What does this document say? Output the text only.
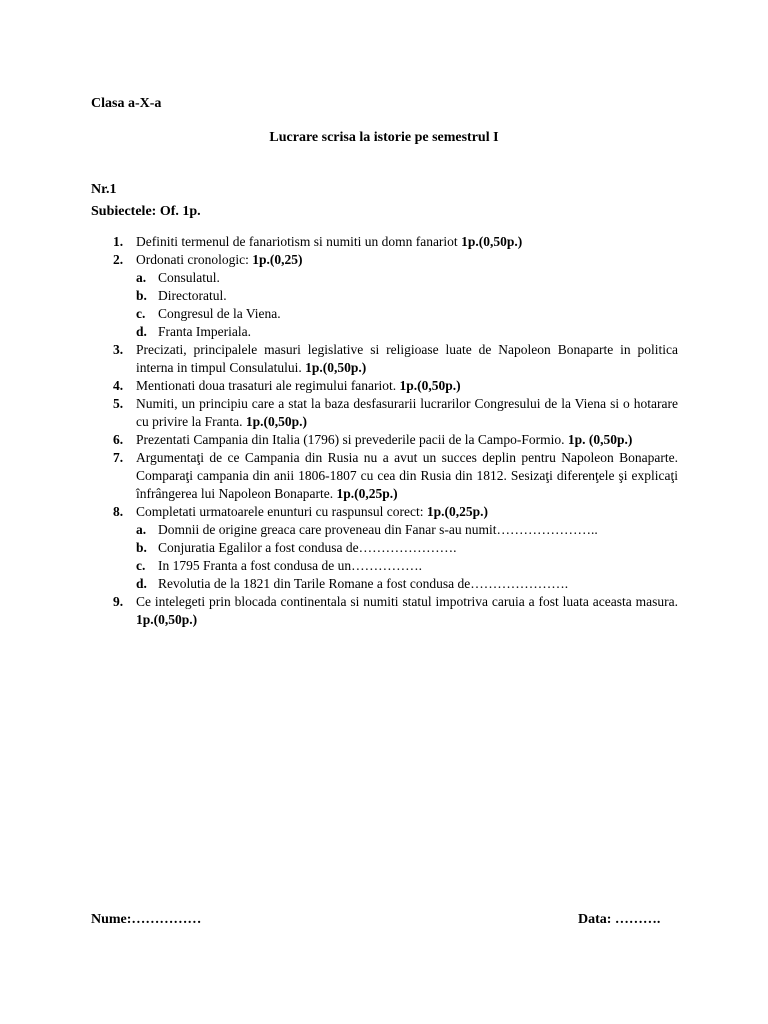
Clasa a-X-a
Lucrare scrisa la istorie pe semestrul I
Nr.1
Subiectele: Of. 1p.
1. Definiti termenul de fanariotism si numiti un domn fanariot 1p.(0,50p.)
2. Ordonati cronologic: 1p.(0,25)
a. Consulatul.
b. Directoratul.
c. Congresul de la Viena.
d. Franta Imperiala.
3. Precizati, principalele masuri legislative si religioase luate de Napoleon Bonaparte in politica interna in timpul Consulatului. 1p.(0,50p.)
4. Mentionati doua trasaturi ale regimului fanariot. 1p.(0,50p.)
5. Numiti, un principiu care a stat la baza desfasurarii lucrarilor Congresului de la Viena si o hotarare cu privire la Franta. 1p.(0,50p.)
6. Prezentati Campania din Italia (1796) si prevederile pacii de la Campo-Formio. 1p. (0,50p.)
7. Argumentaţi de ce Campania din Rusia nu a avut un succes deplin pentru Napoleon Bonaparte. Comparaţi campania din anii 1806-1807 cu cea din Rusia din 1812. Sesizaţi diferenţele şi explicaţi înfrângerea lui Napoleon Bonaparte. 1p.(0,25p.)
8. Completati urmatoarele enunturi cu raspunsul corect: 1p.(0,25p.)
a. Domnii de origine greaca care proveneau din Fanar s-au numit…………………..
b. Conjuratia Egalilor a fost condusa de………………….
c. In 1795 Franta a fost condusa de un…………….
d. Revolutia de la 1821 din Tarile Romane a fost condusa de………………….
9. Ce intelegeti prin blocada continentala si numiti statul impotriva caruia a fost luata aceasta masura. 1p.(0,50p.)
Nume:……………	Data: ……….
